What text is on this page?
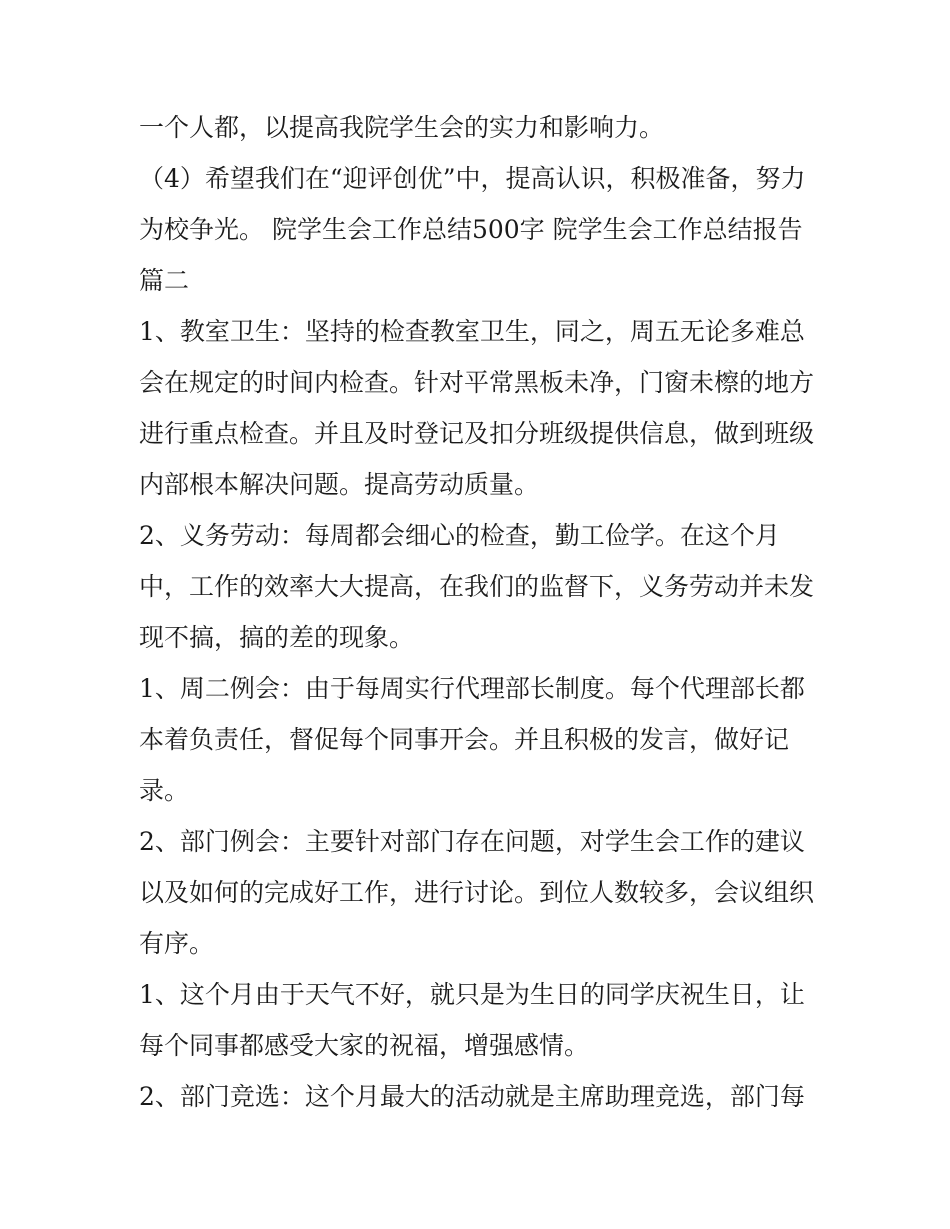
一个人都，以提高我院学生会的实力和影响力。
（4）希望我们在“迎评创优”中，提高认识，积极准备，努力
为校争光。 院学生会工作总结500字 院学生会工作总结报告
篇二
1、教室卫生：坚持的检查教室卫生，同之，周五无论多难总
会在规定的时间内检查。针对平常黑板未净，门窗未檫的地方
进行重点检查。并且及时登记及扣分班级提供信息，做到班级
内部根本解决问题。提高劳动质量。
2、义务劳动：每周都会细心的检查，勤工俭学。在这个月
中，工作的效率大大提高，在我们的监督下，义务劳动并未发
现不搞，搞的差的现象。
1、周二例会：由于每周实行代理部长制度。每个代理部长都
本着负责任，督促每个同事开会。并且积极的发言，做好记
录。
2、部门例会：主要针对部门存在问题，对学生会工作的建议
以及如何的完成好工作，进行讨论。到位人数较多，会议组织
有序。
1、这个月由于天气不好，就只是为生日的同学庆祝生日，让
每个同事都感受大家的祝福，增强感情。
2、部门竞选：这个月最大的活动就是主席助理竞选，部门每
